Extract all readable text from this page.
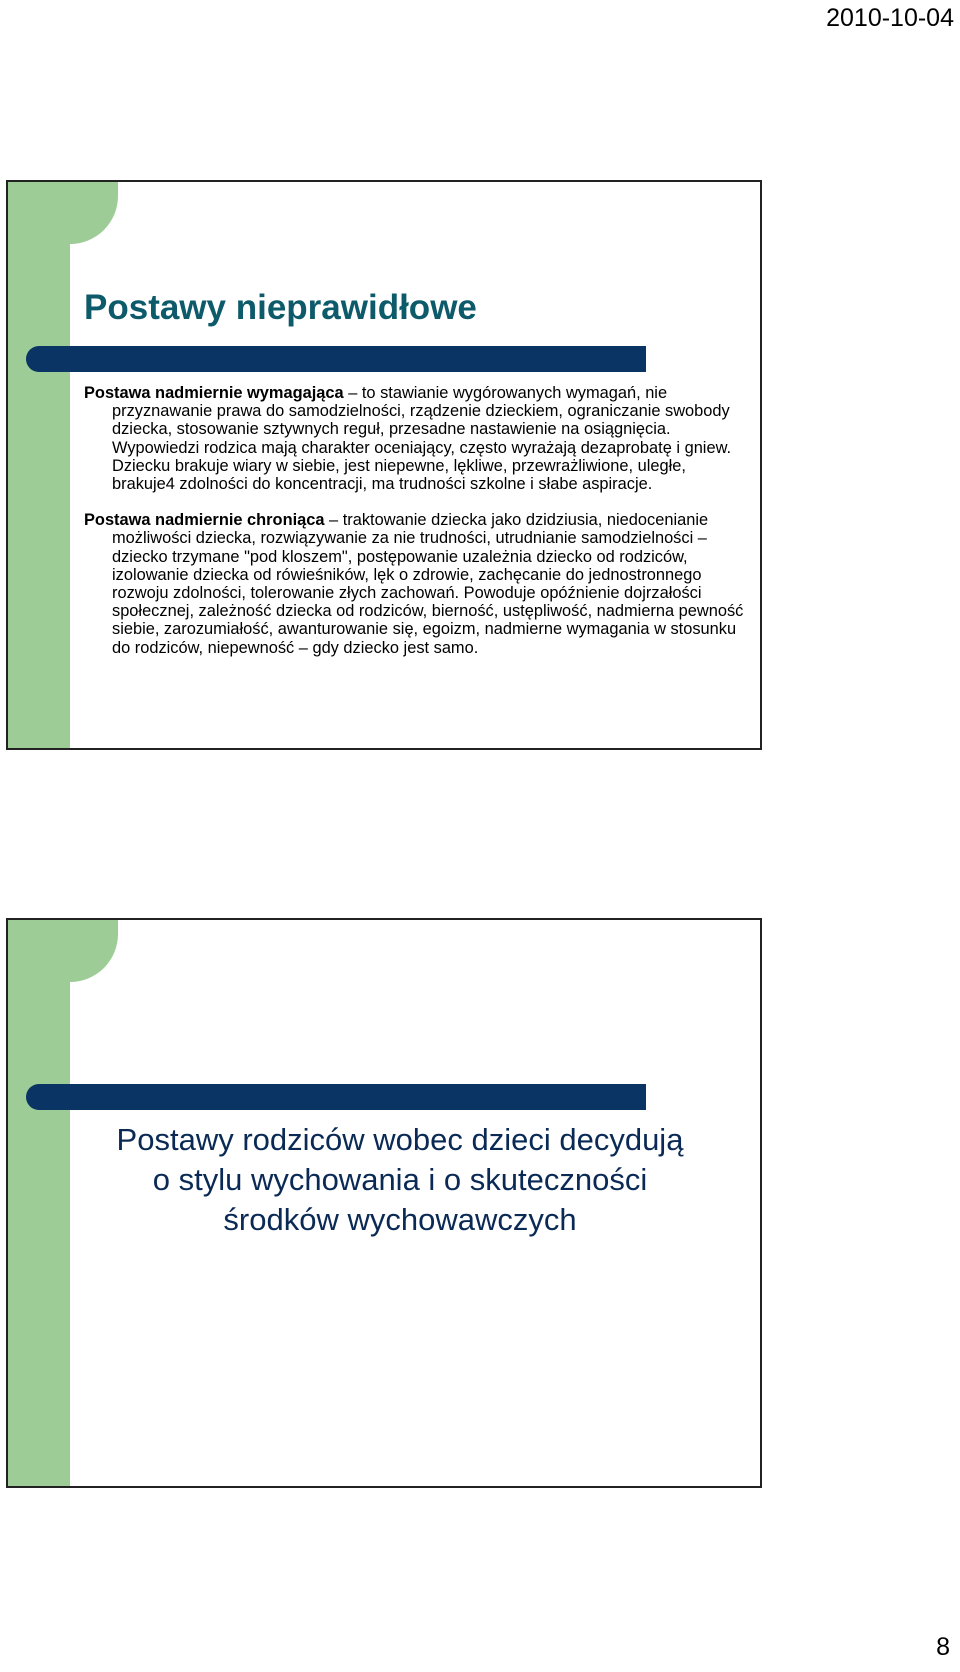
2010-10-04
Postawy nieprawidłowe

Postawa nadmiernie wymagająca – to stawianie wygórowanych wymagań, nie przyznawanie prawa do samodzielności, rządzenie dzieckiem, ograniczanie swobody dziecka, stosowanie sztywnych reguł, przesadne nastawienie na osiągnięcia. Wypowiedzi rodzica mają charakter oceniający, często wyrażają dezaprobatę i gniew. Dziecku brakuje wiary w siebie, jest niepewne, lękliwe, przewrażliwione, uległe, brakuje4 zdolności do koncentracji, ma trudności szkolne i słabe aspiracje.

Postawa nadmiernie chroniąca – traktowanie dziecka jako dzidziusia, niedocenianie możliwości dziecka, rozwiązywanie za nie trudności, utrudnianie samodzielności – dziecko trzymane "pod kloszem", postępowanie uzależnia dziecko od rodziców, izolowanie dziecka od rówieśników, lęk o zdrowie, zachęcanie do jednostronnego rozwoju zdolności, tolerowanie złych zachowań. Powoduje opóźnienie dojrzałości społecznej, zależność dziecka od rodziców, bierność, ustępliwość, nadmierna pewność siebie, zarozumiałość, awanturowanie się, egoizm, nadmierne wymagania w stosunku do rodziców, niepewność – gdy dziecko jest samo.

Postawy rodziców wobec dzieci decydują
o stylu wychowania i o skuteczności
środków wychowawczych
8
